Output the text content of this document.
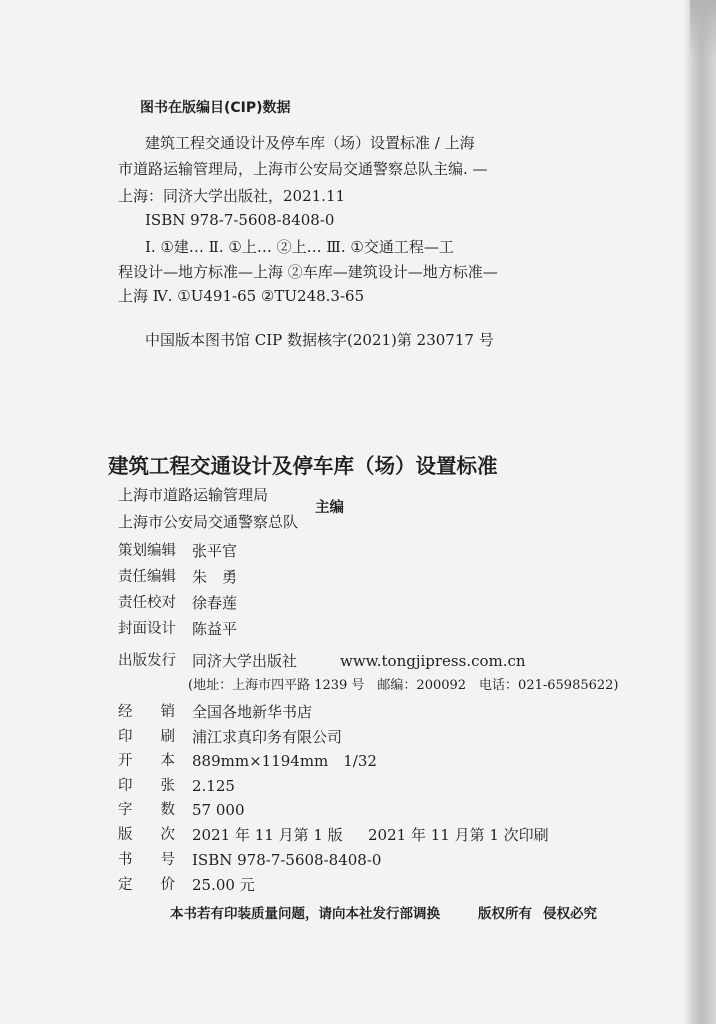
图书在版编目(CIP)数据
建筑工程交通设计及停车库（场）设置标准 / 上海
市道路运输管理局，上海市公安局交通警察总队主编. —
上海：同济大学出版社，2021.11
ISBN 978-7-5608-8408-0
Ⅰ. ①建… Ⅱ. ①上… ②上… Ⅲ. ①交通工程—工
程设计—地方标准—上海 ②车库—建筑设计—地方标准—
上海 Ⅳ. ①U491-65 ②TU248.3-65
中国版本图书馆 CIP 数据核字(2021)第 230717 号
建筑工程交通设计及停车库（场）设置标准
上海市道路运输管理局
主编
上海市公安局交通警察总队
策划编辑 张平官
责任编辑 朱　勇
责任校对 徐春莲
封面设计 陈益平
出版发行 同济大学出版社	www.tongjipress.com.cn
(地址：上海市四平路 1239 号　邮编：200092　电话：021-65985622)
经 销 全国各地新华书店
印 刷 浦江求真印务有限公司
开 本 889mm×1194mm　1/32
印 张 2.125
字 数 57 000
版 次 2021 年 11 月第 1 版 2021 年 11 月第 1 次印刷
书 号 ISBN 978-7-5608-8408-0
定 价 25.00 元
本书若有印装质量问题，请向本社发行部调换	版权所有 侵权必究
